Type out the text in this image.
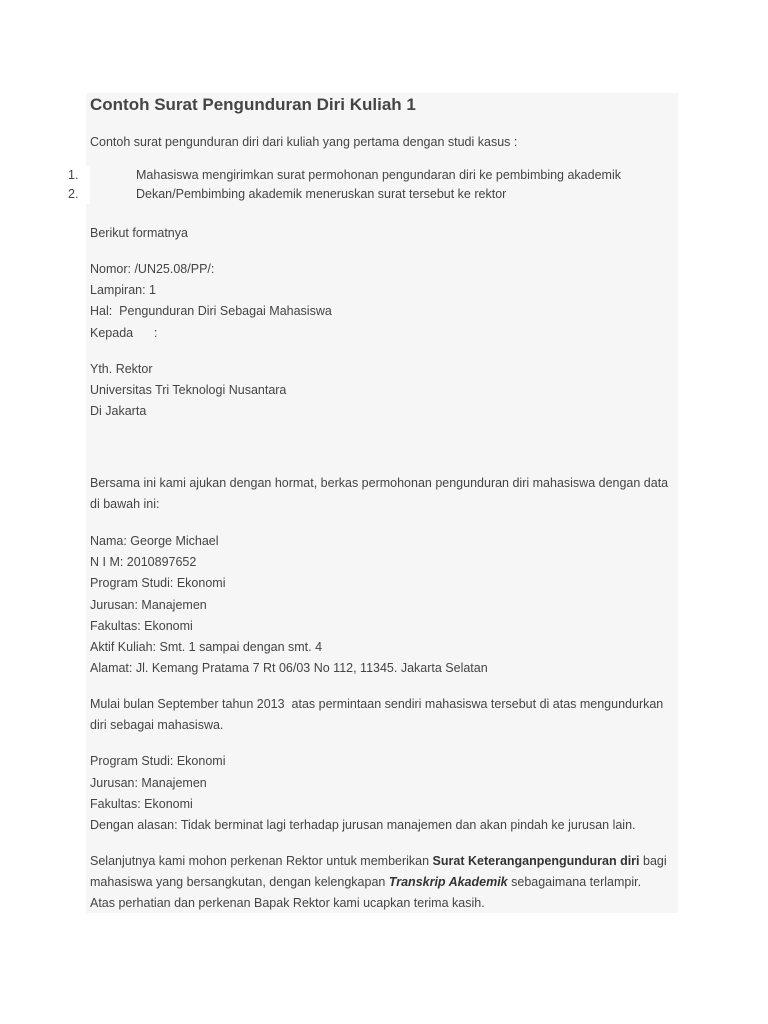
1.	Mahasiswa mengirimkan surat permohonan pengundaran diri ke pembimbing akademik
2.	Dekan/Pembimbing akademik meneruskan surat tersebut ke rektor
Contoh Surat Pengunduran Diri Kuliah 1
Contoh surat pengunduran diri dari kuliah yang pertama dengan studi kasus :
Berikut formatnya
Nomor: /UN25.08/PP/:
Lampiran: 1
Hal:  Pengunduran Diri Sebagai Mahasiswa
Kepada      :
Yth. Rektor
Universitas Tri Teknologi Nusantara
Di Jakarta
Bersama ini kami ajukan dengan hormat, berkas permohonan pengunduran diri mahasiswa dengan data di bawah ini:
Nama: George Michael
N I M: 2010897652
Program Studi: Ekonomi
Jurusan: Manajemen
Fakultas: Ekonomi
Aktif Kuliah: Smt. 1 sampai dengan smt. 4
Alamat: Jl. Kemang Pratama 7 Rt 06/03 No 112, 11345. Jakarta Selatan
Mulai bulan September tahun 2013  atas permintaan sendiri mahasiswa tersebut di atas mengundurkan diri sebagai mahasiswa.
Program Studi: Ekonomi
Jurusan: Manajemen
Fakultas: Ekonomi
Dengan alasan: Tidak berminat lagi terhadap jurusan manajemen dan akan pindah ke jurusan lain.
Selanjutnya kami mohon perkenan Rektor untuk memberikan Surat Keteranganpengunduran diri bagi mahasiswa yang bersangkutan, dengan kelengkapan Transkrip Akademik sebagaimana terlampir.
Atas perhatian dan perkenan Bapak Rektor kami ucapkan terima kasih.
